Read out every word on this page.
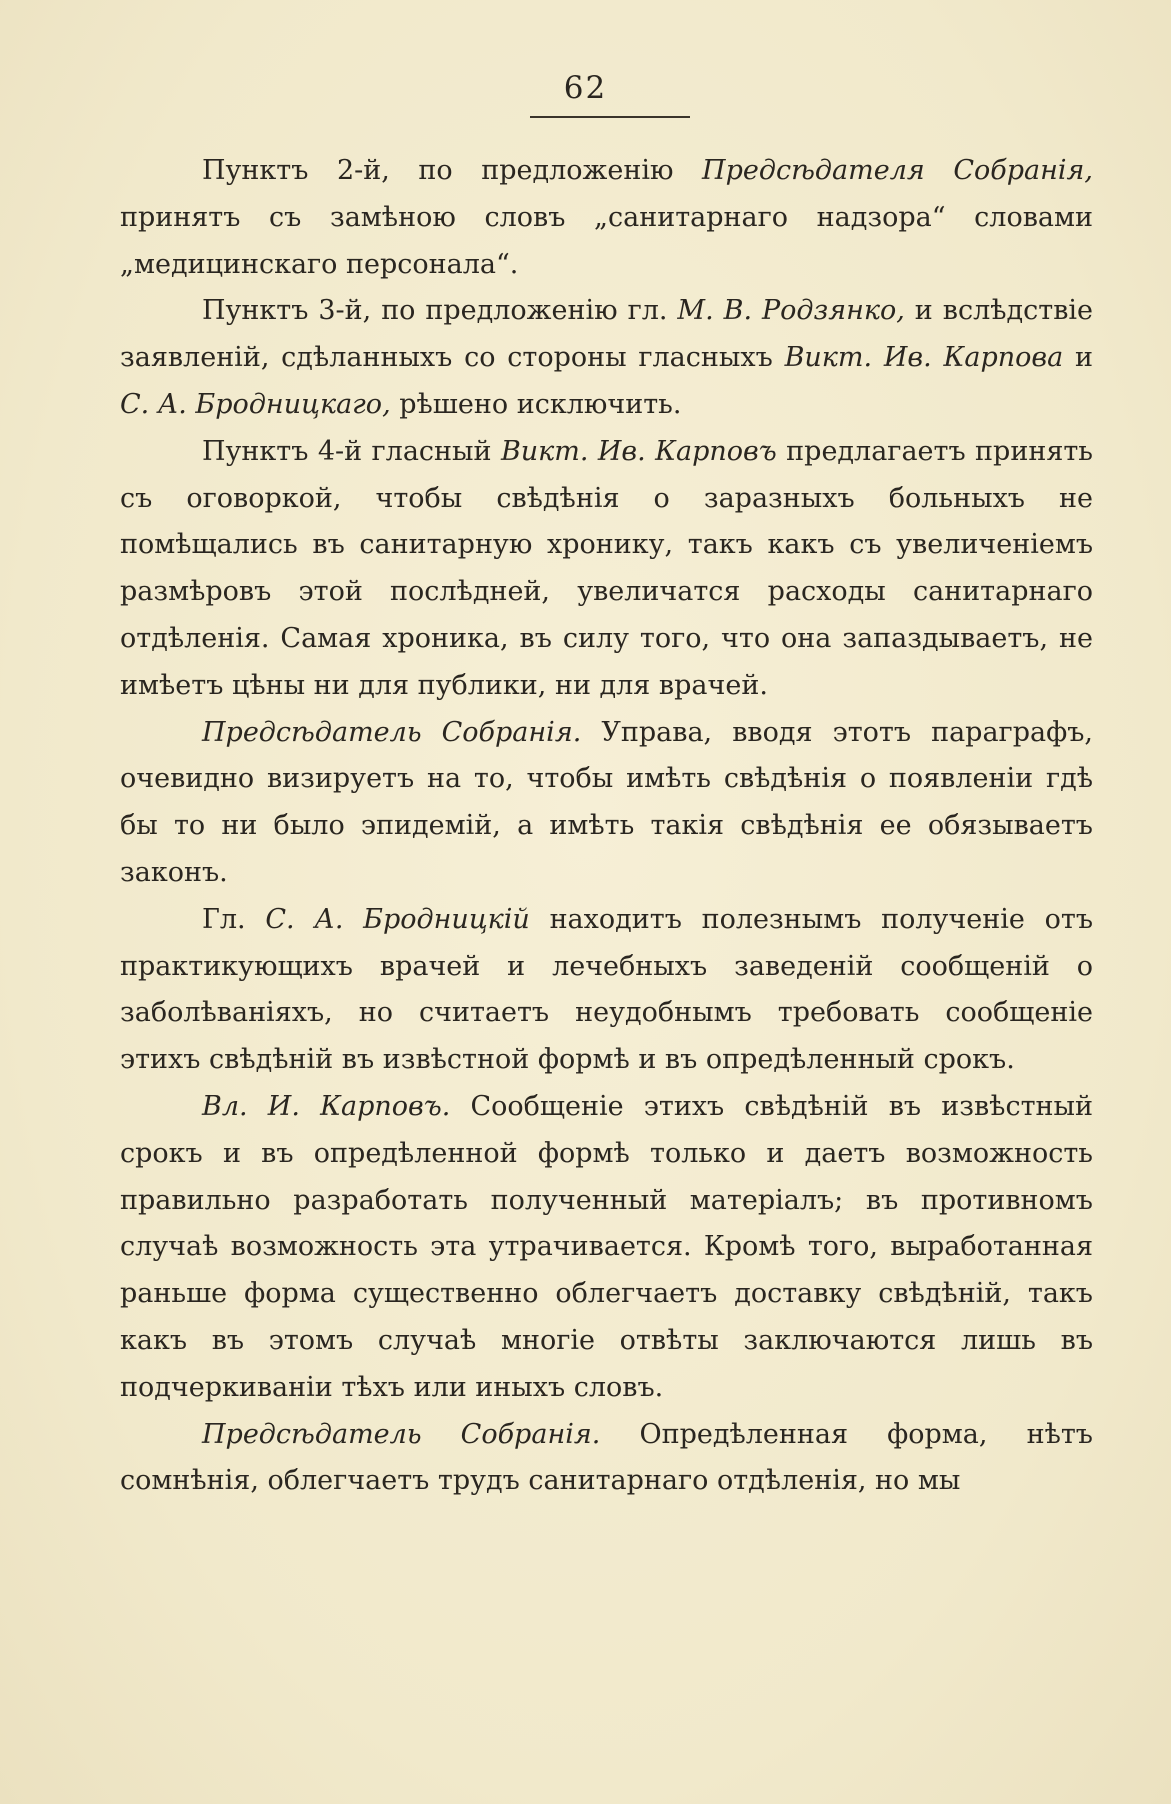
62

Пунктъ 2-й, по предложенію Предсѣдателя Собранія, принятъ съ замѣною словъ „санитарнаго надзора“ словами „медицинскаго персонала“.

Пунктъ 3-й, по предложенію гл. М. В. Родзянко, и вслѣдствіе заявленій, сдѣланныхъ со стороны гласныхъ Викт. Ив. Карпова и С. А. Бродницкаго, рѣшено исключить.

Пунктъ 4-й гласный Викт. Ив. Карповъ предлагаетъ принять съ оговоркой, чтобы свѣдѣнія о заразныхъ больныхъ не помѣщались въ санитарную хронику, такъ какъ съ увеличеніемъ размѣровъ этой послѣдней, увеличатся расходы санитарнаго отдѣленія. Самая хроника, въ силу того, что она запаздываетъ, не имѣетъ цѣны ни для публики, ни для врачей.

Предсѣдатель Собранія. Управа, вводя этотъ параграфъ, очевидно визируетъ на то, чтобы имѣть свѣдѣнія о появленіи гдѣ бы то ни было эпидемій, а имѣть такія свѣдѣнія ее обязываетъ законъ.

Гл. С. А. Бродницкій находитъ полезнымъ полученіе отъ практикующихъ врачей и лечебныхъ заведеній сообщеній о заболѣваніяхъ, но считаетъ неудобнымъ требовать сообщеніе этихъ свѣдѣній въ извѣстной формѣ и въ опредѣленный срокъ.

Вл. И. Карповъ. Сообщеніе этихъ свѣдѣній въ извѣстный срокъ и въ опредѣленной формѣ только и даетъ возможность правильно разработать полученный матеріалъ; въ противномъ случаѣ возможность эта утрачивается. Кромѣ того, выработанная раньше форма существенно облегчаетъ доставку свѣдѣній, такъ какъ въ этомъ случаѣ многіе отвѣты заключаются лишь въ подчеркиваніи тѣхъ или иныхъ словъ.

Предсѣдатель Собранія. Опредѣленная форма, нѣтъ сомнѣнія, облегчаетъ трудъ санитарнаго отдѣленія, но мы
